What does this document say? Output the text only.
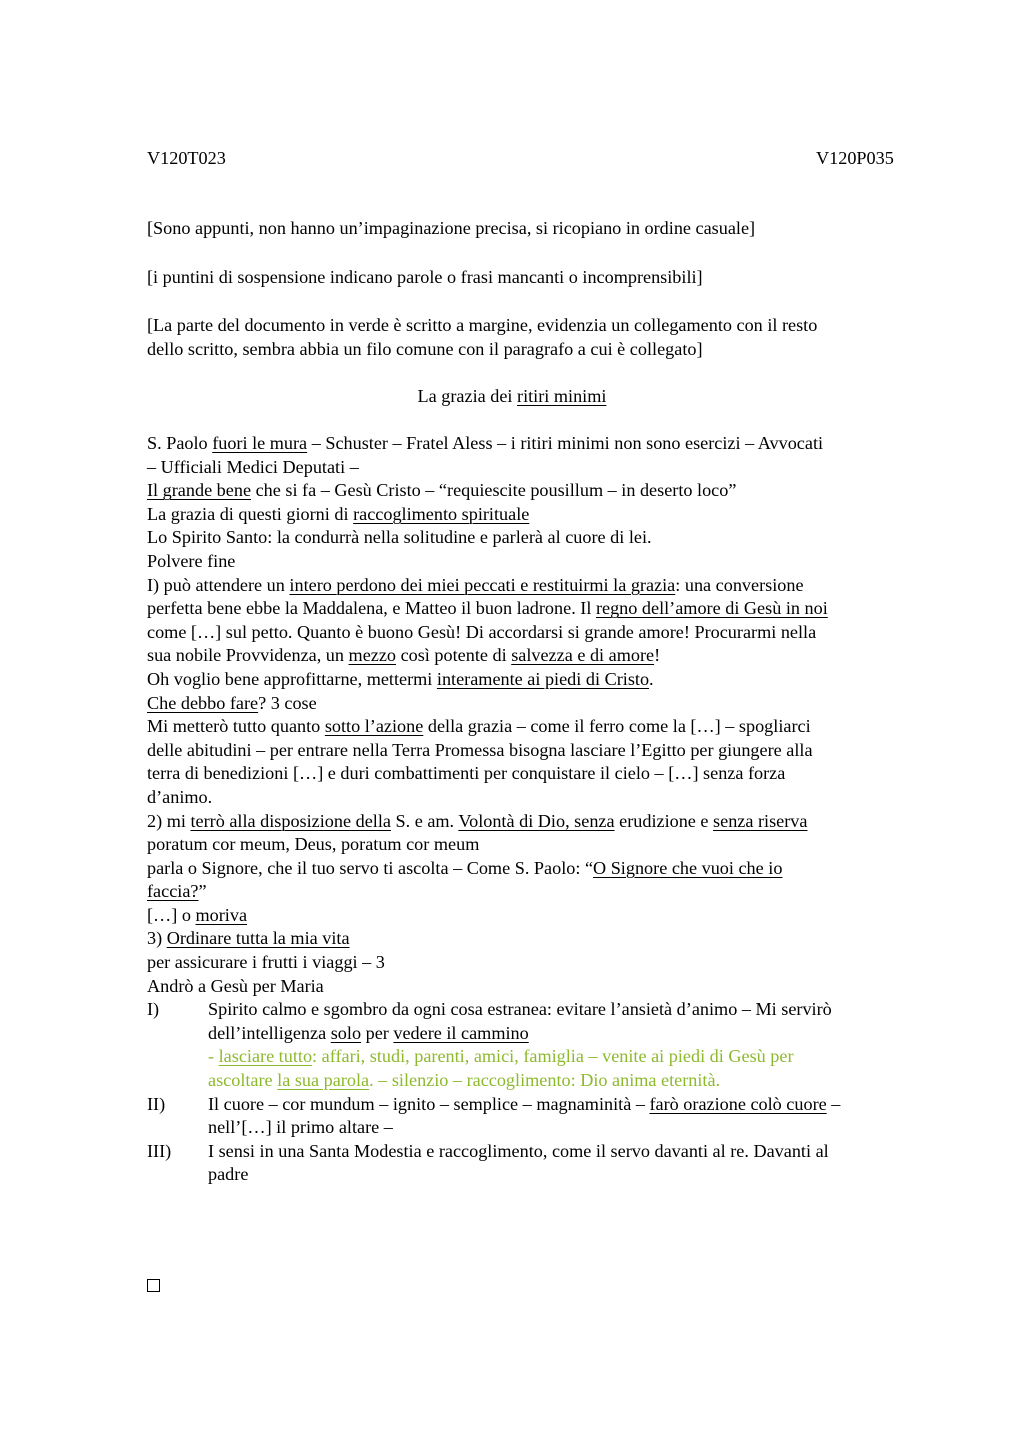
V120T023	V120P035
[Sono appunti, non hanno un’impaginazione precisa, si ricopiano in ordine casuale]
[i puntini di sospensione indicano parole o frasi mancanti o incomprensibili]
[La parte del documento in verde è scritto a margine, evidenzia un collegamento con il resto
dello scritto, sembra abbia un filo comune con il paragrafo a cui è collegato]
La grazia dei ritiri minimi
S. Paolo fuori le mura – Schuster – Fratel Aless – i ritiri minimi non sono esercizi – Avvocati
– Ufficiali Medici Deputati –
Il grande bene che si fa – Gesù Cristo – “requiescite pousillum – in deserto loco”
La grazia di questi giorni di raccoglimento spirituale
Lo Spirito Santo: la condurrà nella solitudine e parlerà al cuore di lei.
Polvere fine
I) può attendere un intero perdono dei miei peccati e restituirmi la grazia: una conversione
perfetta bene ebbe la Maddalena, e Matteo il buon ladrone. Il regno dell’amore di Gesù in noi
come […] sul petto. Quanto è buono Gesù! Di accordarsi si grande amore! Procurarmi nella
sua nobile Provvidenza, un mezzo così potente di salvezza e di amore!
Oh voglio bene approfittarne, mettermi interamente ai piedi di Cristo.
Che debbo fare? 3 cose
Mi metterò tutto quanto sotto l’azione della grazia – come il ferro come la […] – spogliarci
delle abitudini – per entrare nella Terra Promessa bisogna lasciare l’Egitto per giungere alla
terra di benedizioni […] e duri combattimenti per conquistare il cielo – […] senza forza
d’animo.
2) mi terrò alla disposizione della S. e am. Volontà di Dio, senza erudizione e senza riserva
poratum cor meum, Deus, poratum cor meum
parla o Signore, che il tuo servo ti ascolta – Come S. Paolo: “O Signore che vuoi che io
faccia?”
[…] o moriva
3) Ordinare tutta la mia vita
per assicurare i frutti i viaggi – 3
Andrò a Gesù per Maria
I)	Spirito calmo e sgombro da ogni cosa estranea: evitare l’ansietà d’animo – Mi servirò
dell’intelligenza solo per vedere il cammino
- lasciare tutto: affari, studi, parenti, amici, famiglia – venite ai piedi di Gesù per
ascoltare la sua parola. – silenzio – raccoglimento: Dio anima eternità.
II) Il cuore – cor mundum – ignito – semplice – magnaminità – farò orazione colò cuore –
nell’[…] il primo altare –
III) I sensi in una Santa Modestia e raccoglimento, come il servo davanti al re. Davanti al
padre
